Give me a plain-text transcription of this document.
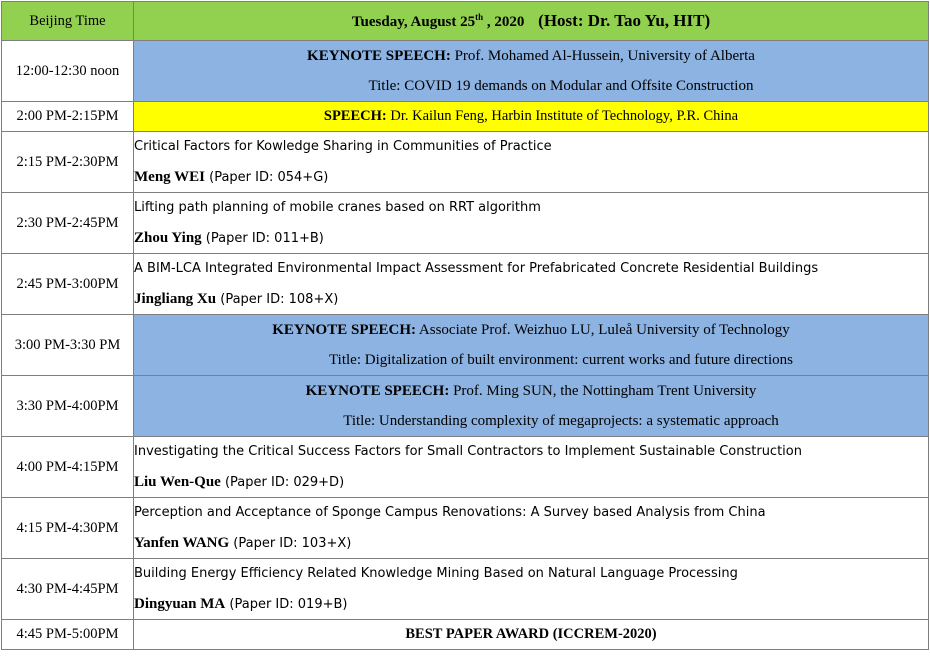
Beijing Time	Tuesday, August 25th , 2020 (Host: Dr. Tao Yu, HIT)
12:00-12:30 noon	KEYNOTE SPEECH: Prof. Mohamed Al-Hussein, University of Alberta
Title: COVID 19 demands on Modular and Offsite Construction

2:00 PM-2:15PM	SPEECH: Dr. Kailun Feng, Harbin Institute of Technology, P.R. China
2:15 PM-2:30PM	Critical Factors for Kowledge Sharing in Communities of Practice
Meng WEI (Paper ID: 054+G)

2:30 PM-2:45PM	Lifting path planning of mobile cranes based on RRT algorithm
Zhou Ying (Paper ID: 011+B)

2:45 PM-3:00PM	A BIM-LCA Integrated Environmental Impact Assessment for Prefabricated Concrete Residential Buildings
Jingliang Xu (Paper ID: 108+X)

3:00 PM-3:30 PM	KEYNOTE SPEECH: Associate Prof. Weizhuo LU, Luleå University of Technology
Title: Digitalization of built environment: current works and future directions

3:30 PM-4:00PM	KEYNOTE SPEECH: Prof. Ming SUN, the Nottingham Trent University
Title: Understanding complexity of megaprojects: a systematic approach

4:00 PM-4:15PM	Investigating the Critical Success Factors for Small Contractors to Implement Sustainable Construction
Liu Wen-Que (Paper ID: 029+D)

4:15 PM-4:30PM	Perception and Acceptance of Sponge Campus Renovations: A Survey based Analysis from China
Yanfen WANG (Paper ID: 103+X)

4:30 PM-4:45PM	Building Energy Efficiency Related Knowledge Mining Based on Natural Language Processing
Dingyuan MA (Paper ID: 019+B)

4:45 PM-5:00PM	BEST PAPER AWARD (ICCREM-2020)
